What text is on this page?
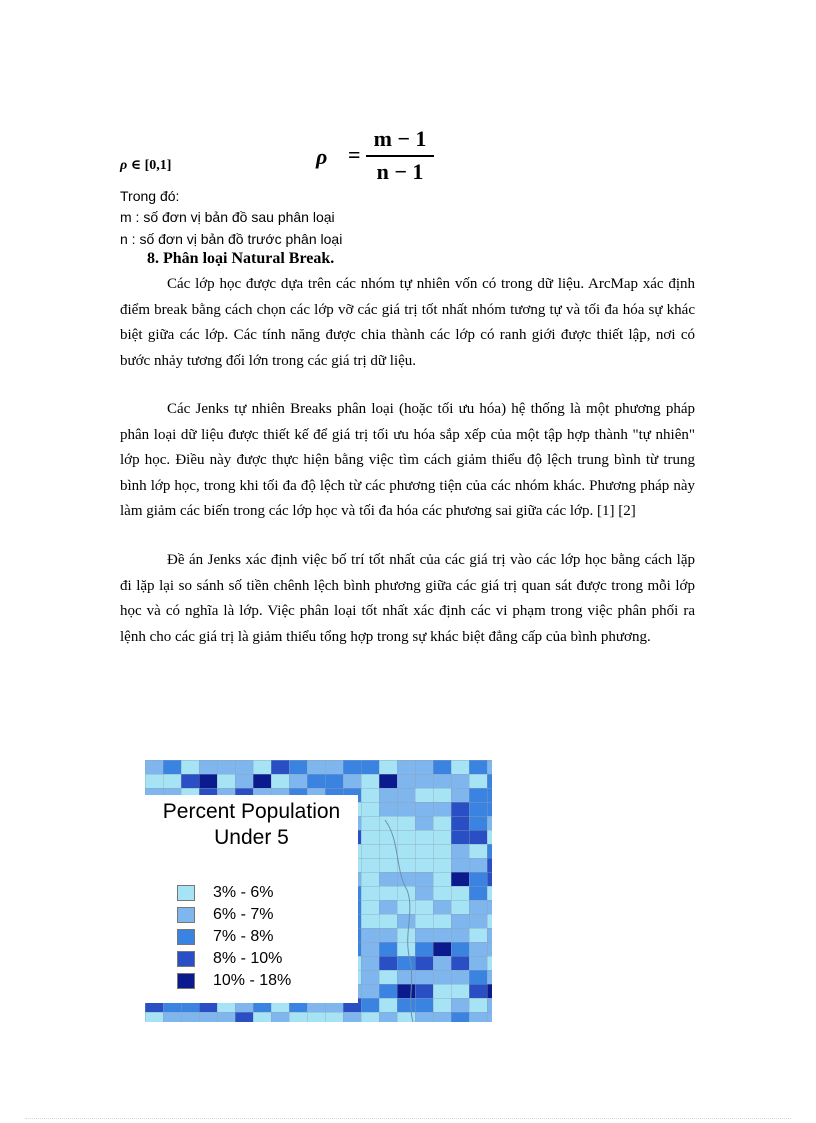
ρ =
m − 1
n − 1
ρ ∈ [0,1]
Trong đó:
m : số đơn vị bản đồ sau phân loại
n : số đơn vị bản đồ trước phân loại
8. Phân loại Natural Break.

Các lớp học được dựa trên các nhóm tự nhiên vốn có trong dữ liệu. ArcMap xác định điểm break bằng cách chọn các lớp vỡ các giá trị tốt nhất nhóm tương tự và tối đa hóa sự khác biệt giữa các lớp. Các tính năng được chia thành các lớp có ranh giới được thiết lập, nơi có bước nhảy tương đối lớn trong các giá trị dữ liệu.

Các Jenks tự nhiên Breaks phân loại (hoặc tối ưu hóa) hệ thống là một phương pháp phân loại dữ liệu được thiết kế để giá trị tối ưu hóa sắp xếp của một tập hợp thành "tự nhiên" lớp học. Điều này được thực hiện bằng việc tìm cách giảm thiểu độ lệch trung bình từ trung bình lớp học, trong khi tối đa độ lệch từ các phương tiện của các nhóm khác. Phương pháp này làm giảm các biến trong các lớp học và tối đa hóa các phương sai giữa các lớp. [1] [2]

Đề án Jenks xác định việc bố trí tốt nhất của các giá trị vào các lớp học bằng cách lặp đi lặp lại so sánh số tiền chênh lệch bình phương giữa các giá trị quan sát được trong mỗi lớp học và có nghĩa là lớp. Việc phân loại tốt nhất xác định các vi phạm trong việc phân phối ra lệnh cho các giá trị là giảm thiểu tổng hợp trong sự khác biệt đẳng cấp của bình phương.

Percent Population
Under 5
3% - 6%
6% - 7%
7% - 8%
8% - 10%
10% - 18%
